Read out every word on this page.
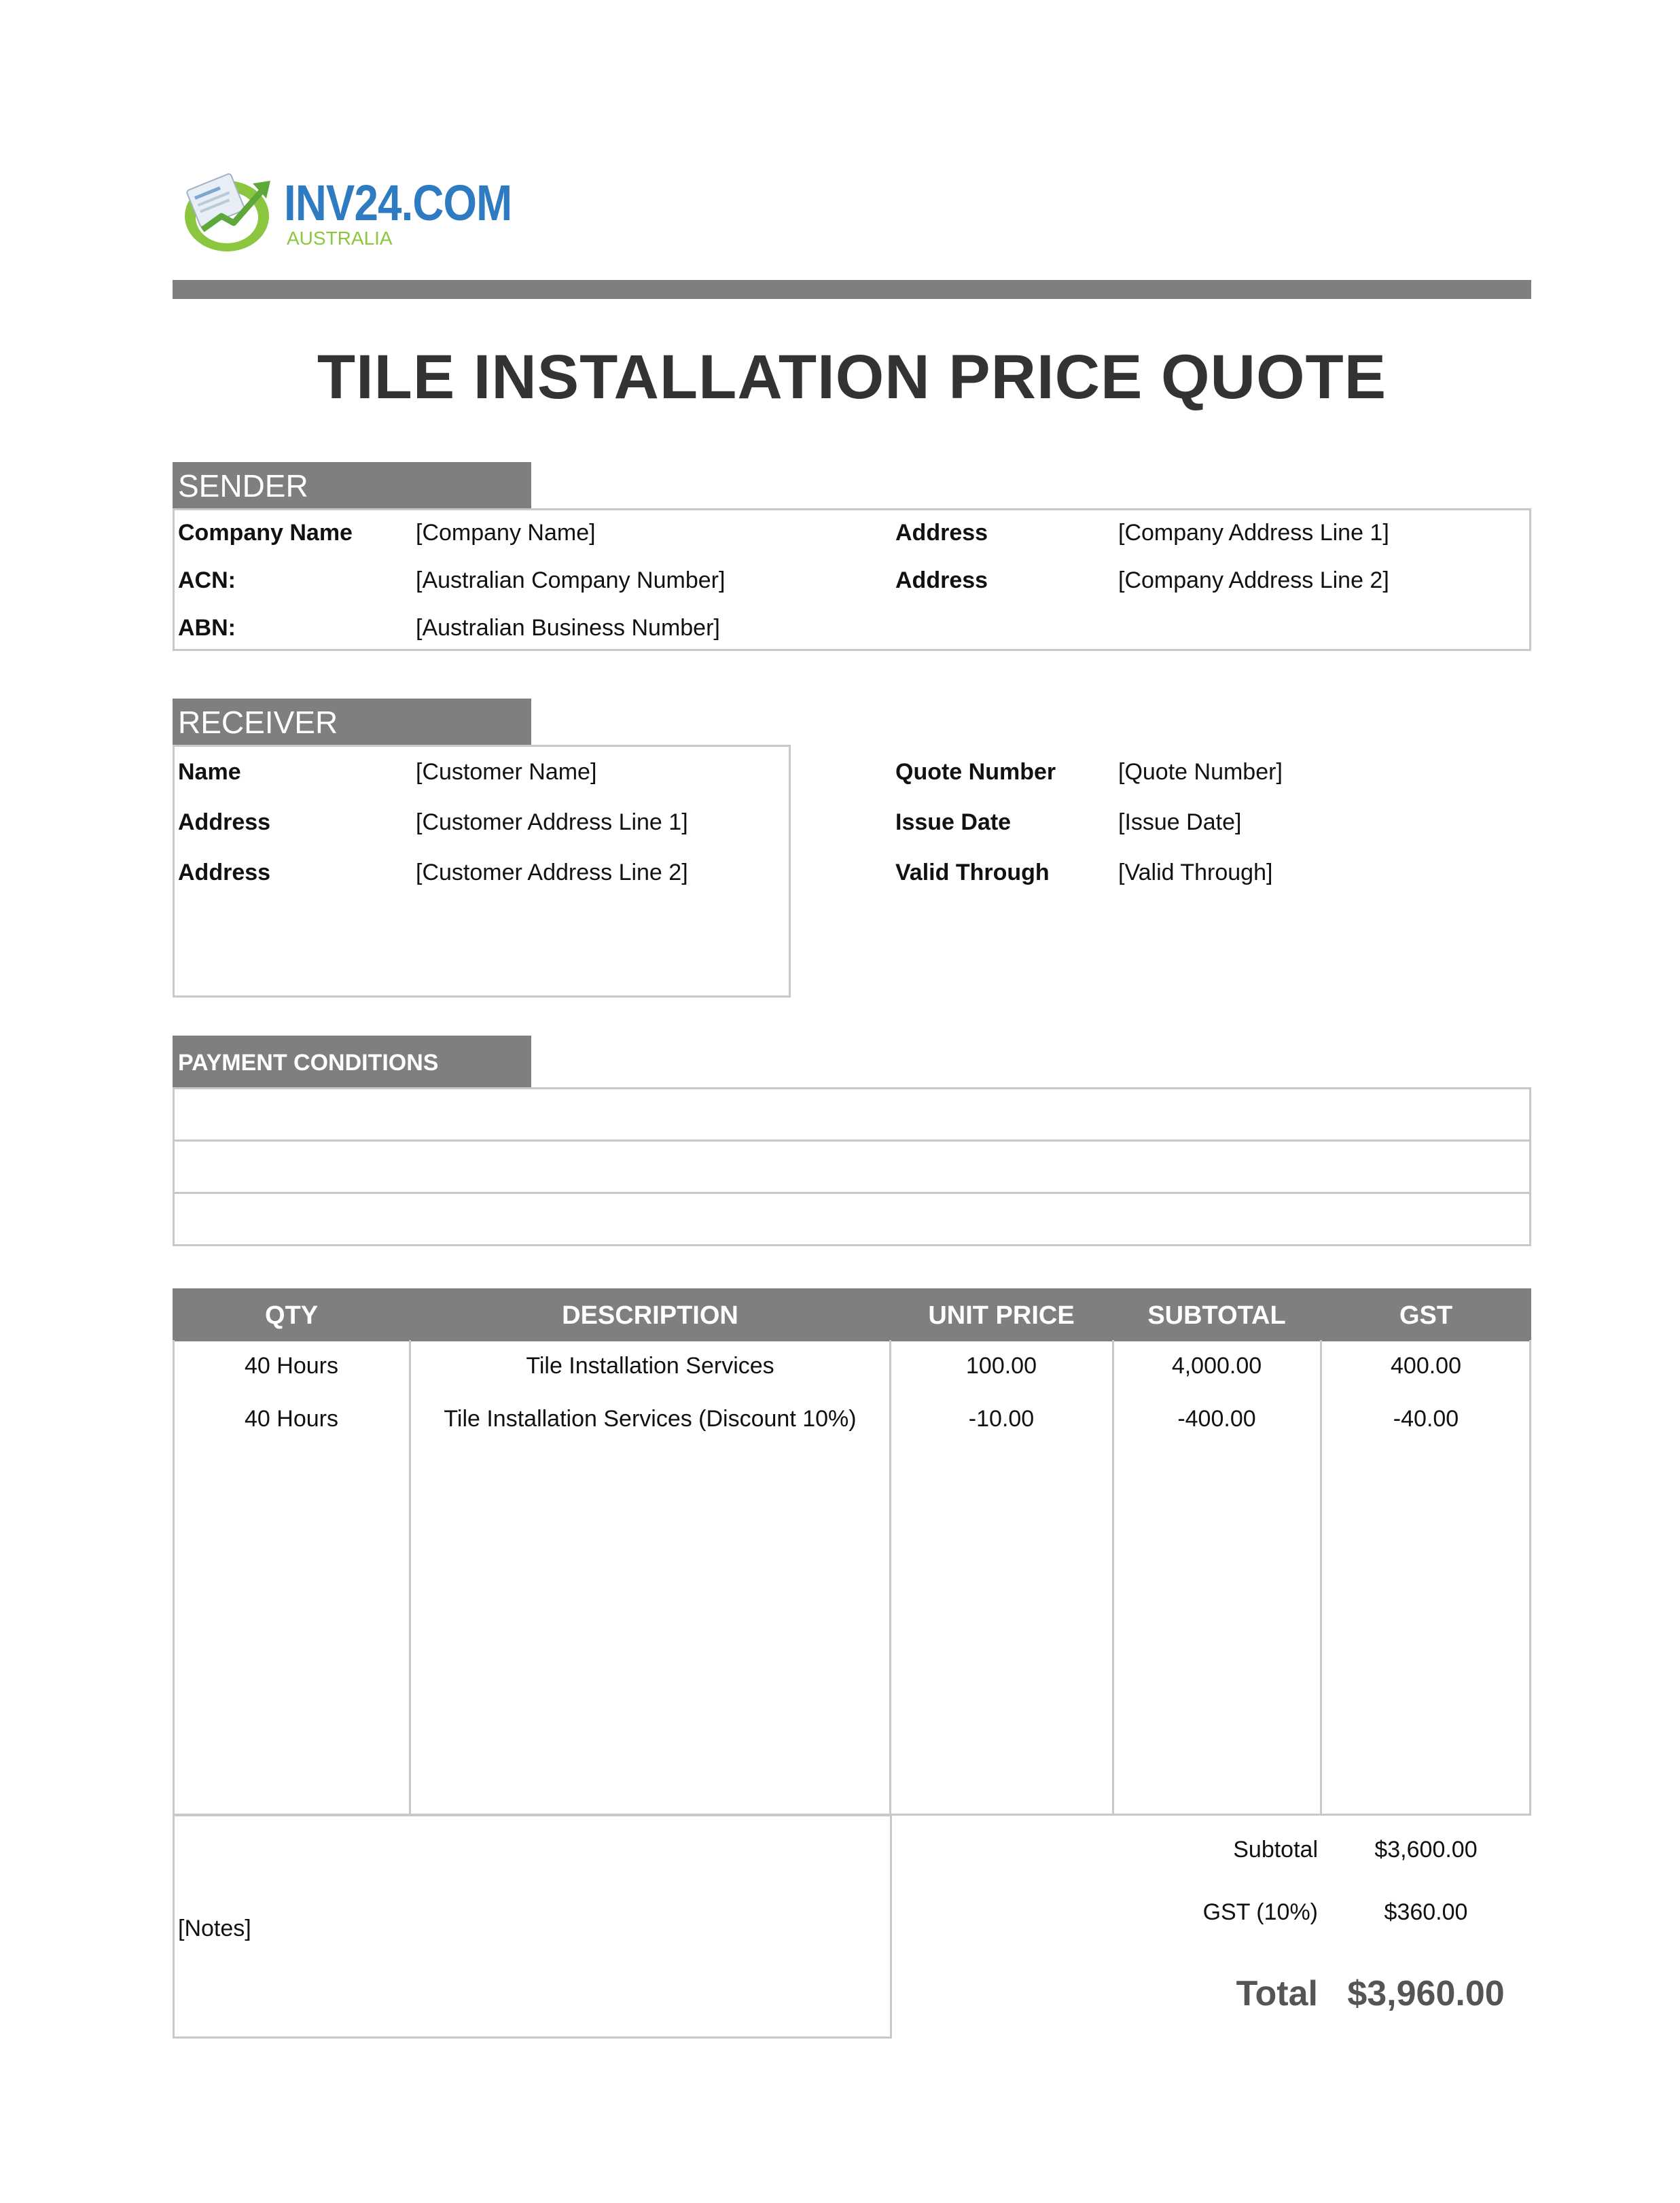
INV24.COM
AUSTRALIA
TILE INSTALLATION PRICE QUOTE
SENDER
Company Name	[Company Name]
ACN:	[Australian Company Number]
ABN:	[Australian Business Number]
Address	[Company Address Line 1]
Address	[Company Address Line 2]
RECEIVER
Name	[Customer Name]
Address	[Customer Address Line 1]
Address	[Customer Address Line 2]
Quote Number	[Quote Number]
Issue Date	[Issue Date]
Valid Through	[Valid Through]
PAYMENT CONDITIONS
QTY	DESCRIPTION	UNIT PRICE	SUBTOTAL	GST
40 Hours	Tile Installation Services	100.00	4,000.00	400.00
40 Hours	Tile Installation Services (Discount 10%)	-10.00	-400.00	-40.00
[Notes]
Subtotal	$3,600.00
GST (10%)	$360.00
Total $3,960.00
